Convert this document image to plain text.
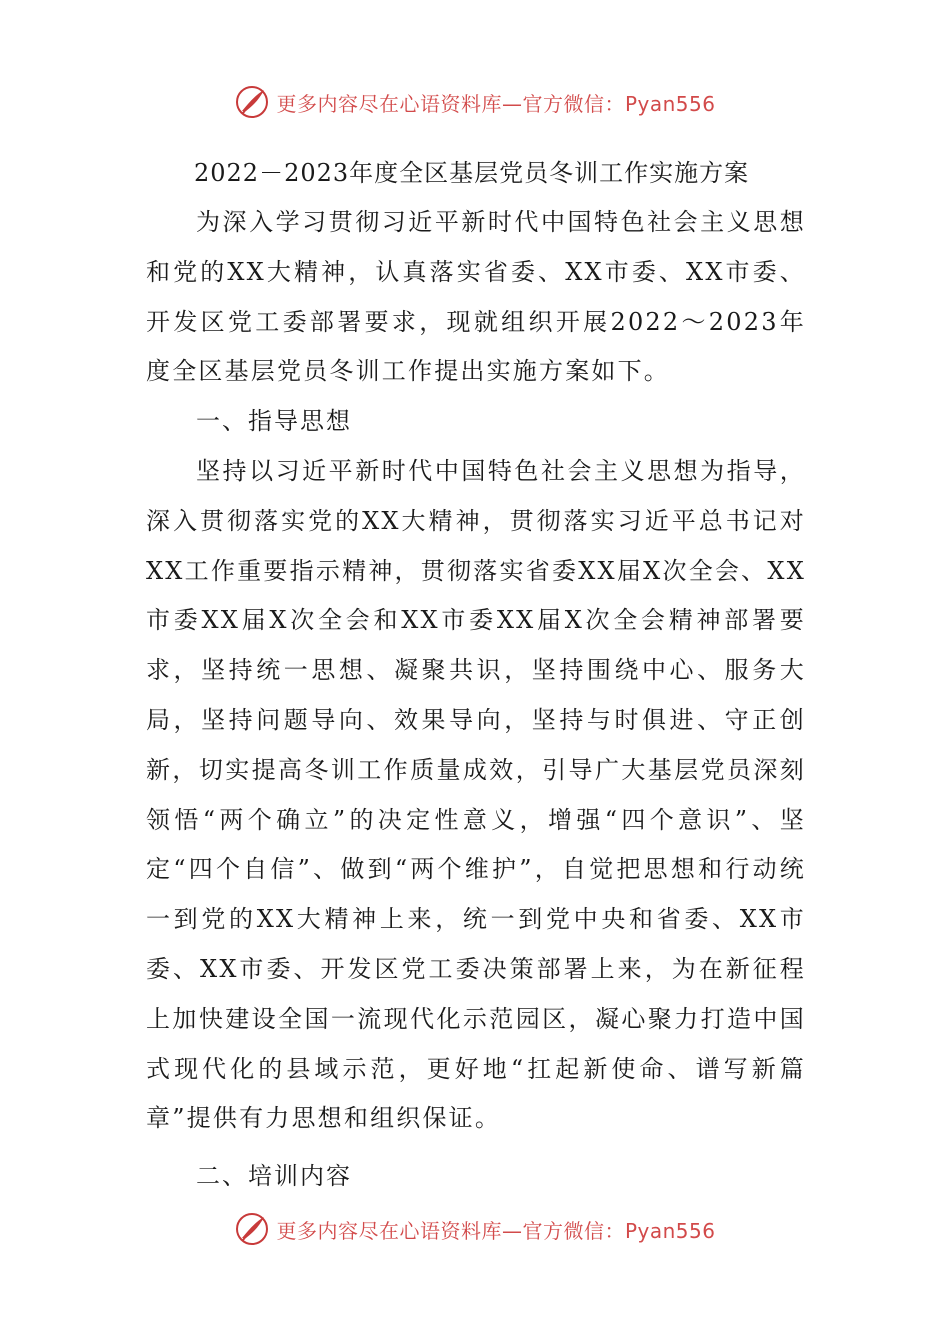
更多内容尽在心语资料库—官方微信：Pyan556
2022－2023年度全区基层党员冬训工作实施方案

为深入学习贯彻习近平新时代中国特色社会主义思想和党的XX大精神，认真落实省委、XX市委、XX市委、开发区党工委部署要求，现就组织开展2022～2023年度全区基层党员冬训工作提出实施方案如下。

一、指导思想

坚持以习近平新时代中国特色社会主义思想为指导，深入贯彻落实党的XX大精神，贯彻落实习近平总书记对XX工作重要指示精神，贯彻落实省委XX届X次全会、XX市委XX届X次全会和XX市委XX届X次全会精神部署要求，坚持统一思想、凝聚共识，坚持围绕中心、服务大局，坚持问题导向、效果导向，坚持与时俱进、守正创新，切实提高冬训工作质量成效，引导广大基层党员深刻领悟“两个确立”的决定性意义，增强“四个意识”、坚定“四个自信”、做到“两个维护”，自觉把思想和行动统一到党的XX大精神上来，统一到党中央和省委、XX市委、XX市委、开发区党工委决策部署上来，为在新征程上加快建设全国一流现代化示范园区，凝心聚力打造中国式现代化的县域示范，更好地“扛起新使命、谱写新篇章”提供有力思想和组织保证。

二、培训内容
更多内容尽在心语资料库—官方微信：Pyan556
